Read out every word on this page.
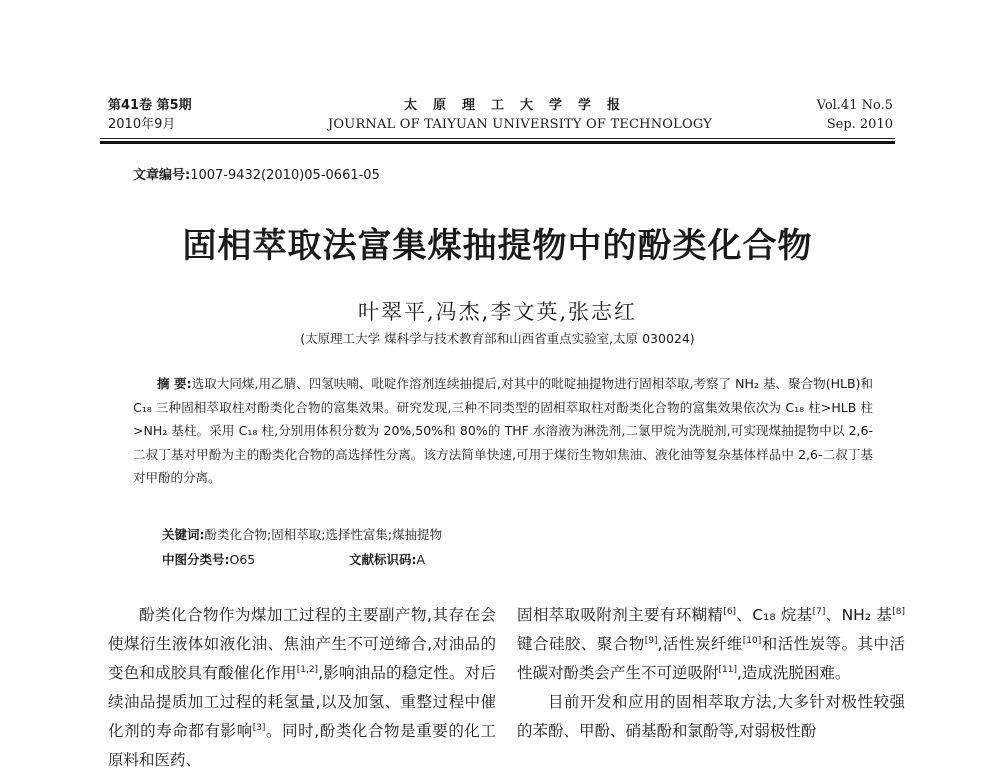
第41卷 第5期
2010年9月
太原理工大学学报
JOURNAL OF TAIYUAN UNIVERSITY OF TECHNOLOGY
Vol.41 No.5
Sep. 2010
文章编号:1007-9432(2010)05-0661-05
固相萃取法富集煤抽提物中的酚类化合物
叶翠平,冯杰,李文英,张志红
(太原理工大学 煤科学与技术教育部和山西省重点实验室,太原 030024)
摘 要:选取大同煤,用乙腈、四氢呋喃、吡啶作溶剂连续抽提后,对其中的吡啶抽提物进行固相萃取,考察了 NH₂ 基、聚合物(HLB)和 C₁₈ 三种固相萃取柱对酚类化合物的富集效果。研究发现,三种不同类型的固相萃取柱对酚类化合物的富集效果依次为 C₁₈ 柱>HLB 柱>NH₂ 基柱。采用 C₁₈ 柱,分别用体积分数为 20%,50%和 80%的 THF 水溶液为淋洗剂,二氯甲烷为洗脱剂,可实现煤抽提物中以 2,6-二叔丁基对甲酚为主的酚类化合物的高选择性分离。该方法简单快速,可用于煤衍生物如焦油、液化油等复杂基体样品中 2,6-二叔丁基对甲酚的分离。
关键词:酚类化合物;固相萃取;选择性富集;煤抽提物
中图分类号:O65	文献标识码:A

酚类化合物作为煤加工过程的主要副产物,其存在会使煤衍生液体如液化油、焦油产生不可逆缔合,对油品的变色和成胶具有酸催化作用[1,2],影响油品的稳定性。对后续油品提质加工过程的耗氢量,以及加氢、重整过程中催化剂的寿命都有影响[3]。同时,酚类化合物是重要的化工原料和医药、

固相萃取吸附剂主要有环糊精[6]、C₁₈ 烷基[7]、NH₂ 基[8]键合硅胶、聚合物[9],活性炭纤维[10]和活性炭等。其中活性碳对酚类会产生不可逆吸附[11],造成洗脱困难。

目前开发和应用的固相萃取方法,大多针对极性较强的苯酚、甲酚、硝基酚和氯酚等,对弱极性酚
